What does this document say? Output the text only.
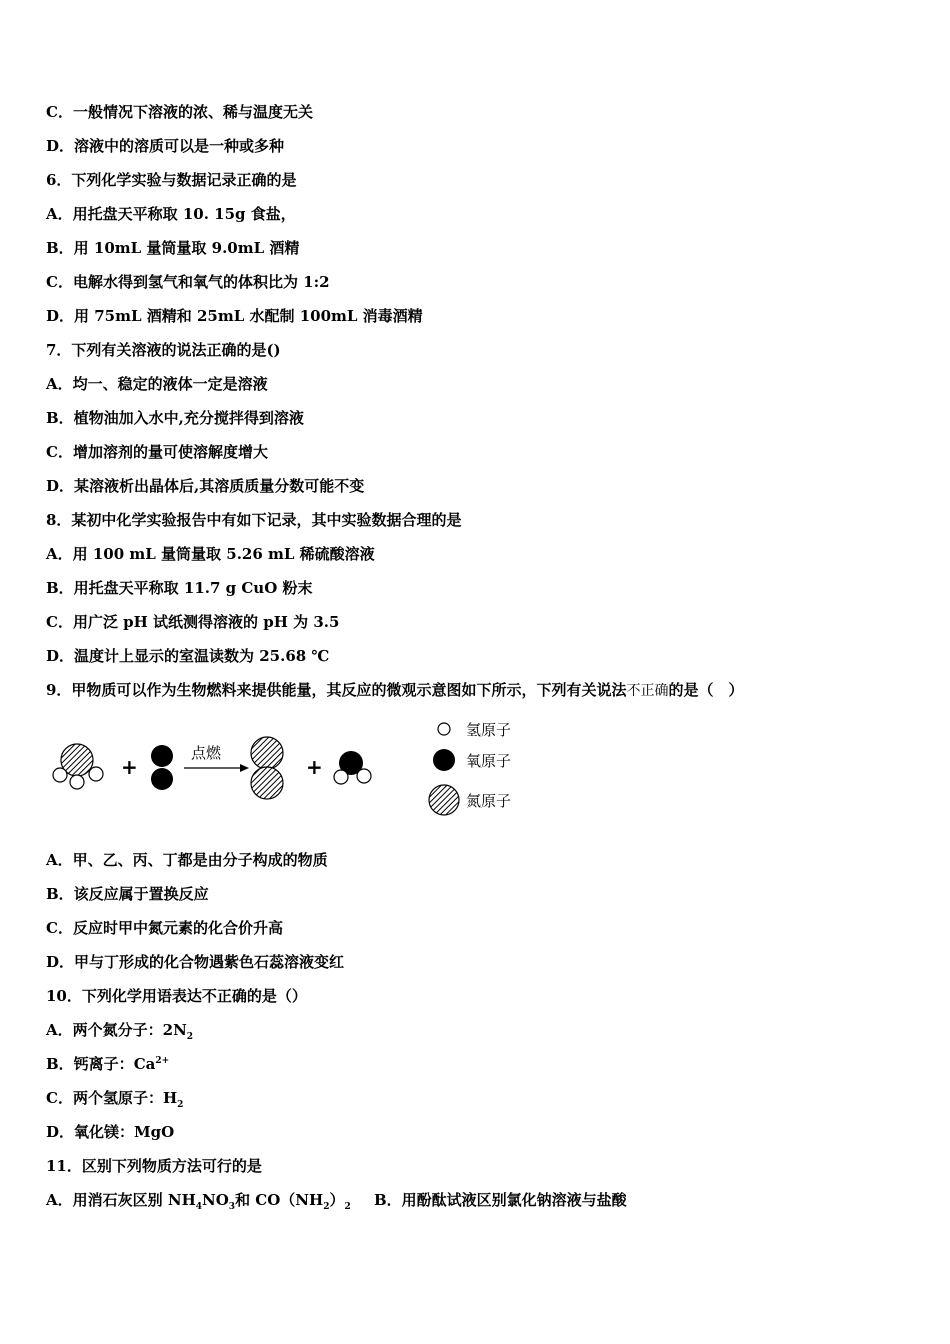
C．一般情况下溶液的浓、稀与温度无关
D．溶液中的溶质可以是一种或多种
6．下列化学实验与数据记录正确的是
A．用托盘天平称取 10. 15g 食盐，
B．用 10mL 量筒量取 9.0mL 酒精
C．电解水得到氢气和氧气的体积比为 1:2
D．用 75mL 酒精和 25mL 水配制 100mL 消毒酒精
7．下列有关溶液的说法正确的是()
A．均一、稳定的液体一定是溶液
B．植物油加入水中,充分搅拌得到溶液
C．增加溶剂的量可使溶解度增大
D．某溶液析出晶体后,其溶质质量分数可能不变
8．某初中化学实验报告中有如下记录，其中实验数据合理的是
A．用 100 mL 量筒量取 5.26 mL 稀硫酸溶液
B．用托盘天平称取 11.7 g CuO 粉末
C．用广泛 pH 试纸测得溶液的 pH 为 3.5
D．温度计上显示的室温读数为 25.68 ℃
9．甲物质可以作为生物燃料来提供能量，其反应的微观示意图如下所示，下列有关说法不正确的是（　）
+
点燃
+
氢原子
氧原子
氮原子
A．甲、乙、丙、丁都是由分子构成的物质
B．该反应属于置换反应
C．反应时甲中氮元素的化合价升高
D．甲与丁形成的化合物遇紫色石蕊溶液变红
10．下列化学用语表达不正确的是（）
A．两个氮分子：$2N_2$
B．钙离子：$Ca^{2+}$
C．两个氢原子：$H_2$
D．氧化镁：MgO
11．区别下列物质方法可行的是
A．用消石灰区别 $NH_4NO_3$和 $CO(NH_2)_2$ B．用酚酞试液区别氯化钠溶液与盐酸
